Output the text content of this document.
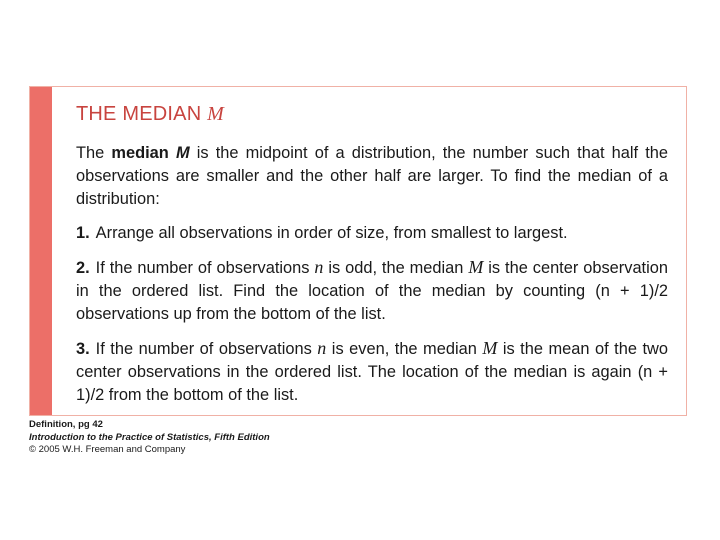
THE MEDIAN M

The median M is the midpoint of a distribution, the number such that half the observations are smaller and the other half are larger. To find the median of a distribution:

1. Arrange all observations in order of size, from smallest to largest.

2. If the number of observations n is odd, the median M is the center observation in the ordered list. Find the location of the median by counting (n + 1)/2 observations up from the bottom of the list.

3. If the number of observations n is even, the median M is the mean of the two center observations in the ordered list. The location of the median is again (n + 1)/2 from the bottom of the list.

Definition, pg 42
Introduction to the Practice of Statistics, Fifth Edition
© 2005 W.H. Freeman and Company
